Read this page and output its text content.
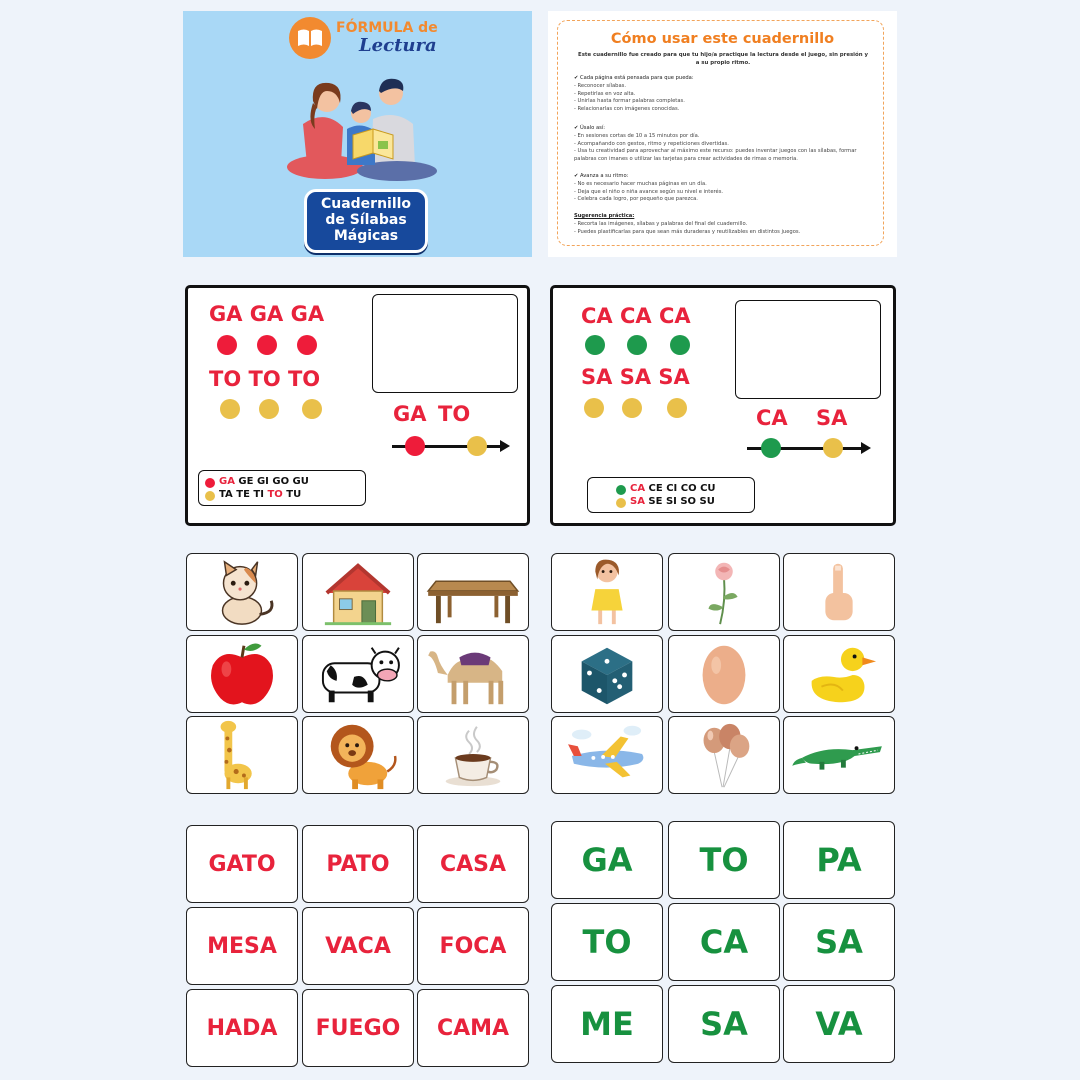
FÓRMULA de
Lectura
Cuadernillo
de Sílabas
Mágicas
Cómo usar este cuadernillo
Este cuadernillo fue creado para que tu hijo/a practique la lectura desde el juego, sin presión y a su propio ritmo.
✔ Cada página está pensada para que pueda:
- Reconocer sílabas.
- Repetirlas en voz alta.
- Unirlas hasta formar palabras completas.
- Relacionarlas con imágenes conocidas.
✔ Úsalo así:
- En sesiones cortas de 10 a 15 minutos por día.
- Acompañando con gestos, ritmo y repeticiones divertidas.
- Usa tu creatividad para aprovechar al máximo este recurso: puedes inventar juegos con las sílabas, formar palabras con imanes o utilizar las tarjetas para crear actividades de rimas o memoria.
✔ Avanza a su ritmo:
- No es necesario hacer muchas páginas en un día.
- Deja que el niño o niña avance según su nivel e interés.
- Celebra cada logro, por pequeño que parezca.
Sugerencia práctica:
- Recorta las imágenes, sílabas y palabras del final del cuadernillo.
- Puedes plastificarlas para que sean más duraderas y reutilizables en distintos juegos.
GA GA GA
TO TO TO
GA TO
GA GE GI GO GU
TA TE TI TO TU
CA CA CA
SA SA SA
CA SA
CA CE CI CO CU
SA SE SI SO SU
GATO	PATO	CASA
MESA	VACA	FOCA
HADA	FUEGO	CAMA
GA	TO	PA
TO	CA	SA
ME	SA	VA
